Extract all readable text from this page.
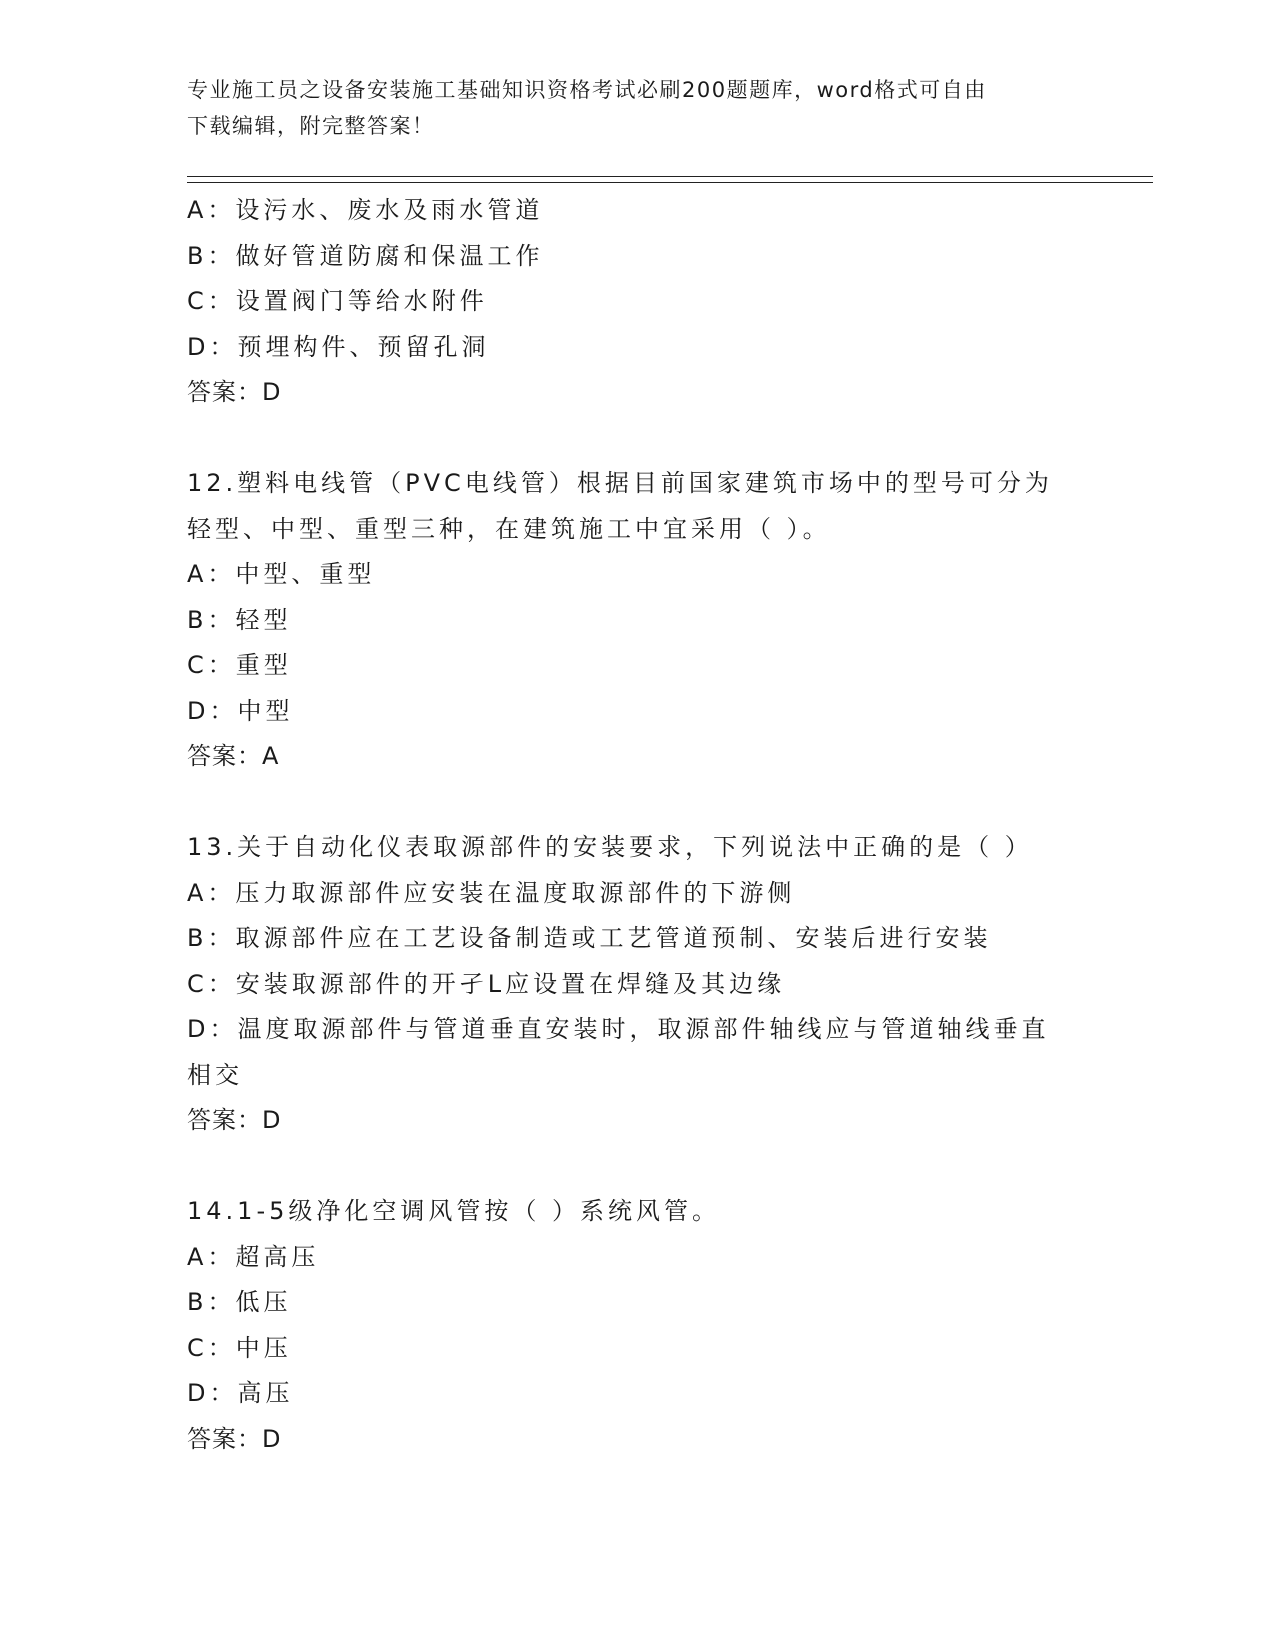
专业施工员之设备安装施工基础知识资格考试必刷200题题库，word格式可自由
下载编辑，附完整答案！
A：设污水、废水及雨水管道
B：做好管道防腐和保温工作
C：设置阀门等给水附件
D：预埋构件、预留孔洞
答案：D
12.塑料电线管（PVC电线管）根据目前国家建筑市场中的型号可分为
轻型、中型、重型三种，在建筑施工中宜采用（ ）。
A：中型、重型
B：轻型
C：重型
D：中型
答案：A
13.关于自动化仪表取源部件的安装要求，下列说法中正确的是（ ）
A：压力取源部件应安装在温度取源部件的下游侧
B：取源部件应在工艺设备制造或工艺管道预制、安装后进行安装
C：安装取源部件的开孑L应设置在焊缝及其边缘
D：温度取源部件与管道垂直安装时，取源部件轴线应与管道轴线垂直
相交
答案：D
14.1-5级净化空调风管按（ ）系统风管。
A：超高压
B：低压
C：中压
D：高压
答案：D
